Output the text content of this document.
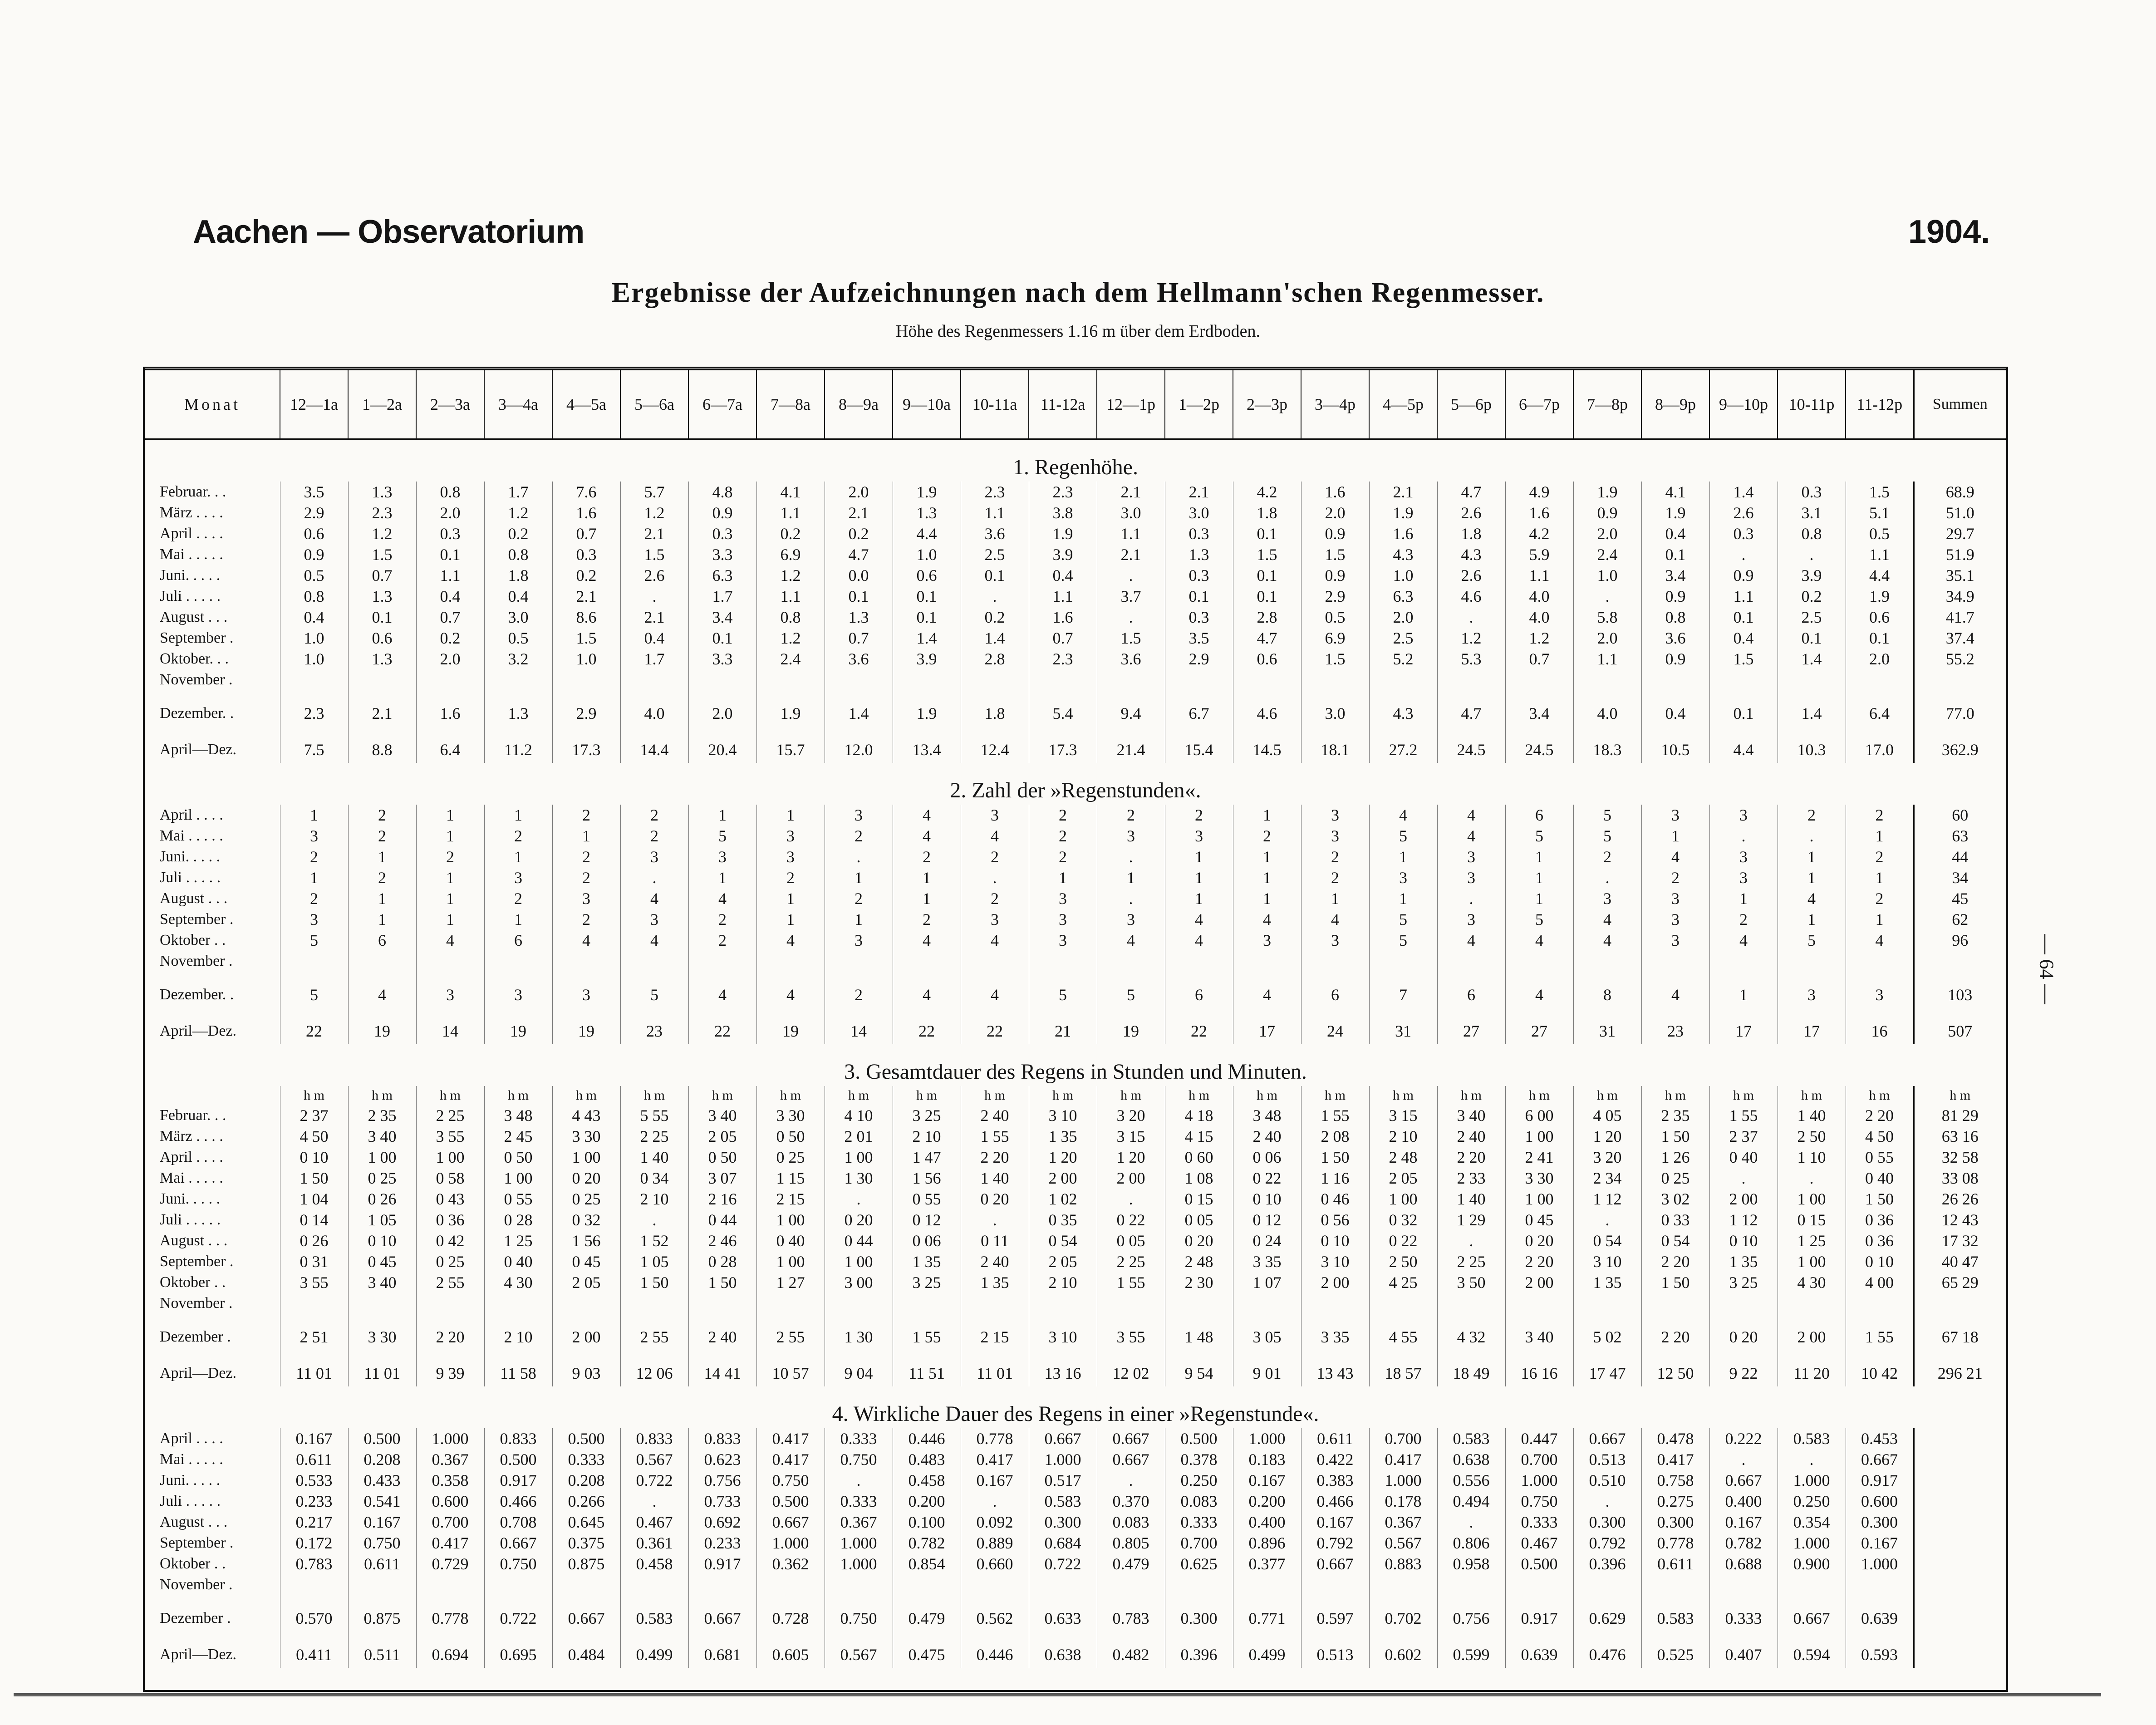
Aachen — Observatorium	1904.
Ergebnisse der Aufzeichnungen nach dem Hellmann'schen Regenmesser.
Höhe des Regenmessers 1.16 m über dem Erdboden.
Monat	12—1a	1—2a	2—3a	3—4a	4—5a	5—6a	6—7a	7—8a	8—9a	9—10a	10-11a	11-12a	12—1p	1—2p	2—3p	3—4p	4—5p	5—6p	6—7p	7—8p	8—9p	9—10p	10-11p	11-12p	Summen
1. Regenhöhe.																									
Februar. . .	3.5	1.3	0.8	1.7	7.6	5.7	4.8	4.1	2.0	1.9	2.3	2.3	2.1	2.1	4.2	1.6	2.1	4.7	4.9	1.9	4.1	1.4	0.3	1.5	68.9
März . . . .	2.9	2.3	2.0	1.2	1.6	1.2	0.9	1.1	2.1	1.3	1.1	3.8	3.0	3.0	1.8	2.0	1.9	2.6	1.6	0.9	1.9	2.6	3.1	5.1	51.0
April . . . .	0.6	1.2	0.3	0.2	0.7	2.1	0.3	0.2	0.2	4.4	3.6	1.9	1.1	0.3	0.1	0.9	1.6	1.8	4.2	2.0	0.4	0.3	0.8	0.5	29.7
Mai . . . . .	0.9	1.5	0.1	0.8	0.3	1.5	3.3	6.9	4.7	1.0	2.5	3.9	2.1	1.3	1.5	1.5	4.3	4.3	5.9	2.4	0.1	.	.	1.1	51.9
Juni. . . . .	0.5	0.7	1.1	1.8	0.2	2.6	6.3	1.2	0.0	0.6	0.1	0.4	.	0.3	0.1	0.9	1.0	2.6	1.1	1.0	3.4	0.9	3.9	4.4	35.1
Juli . . . . .	0.8	1.3	0.4	0.4	2.1	.	1.7	1.1	0.1	0.1	.	1.1	3.7	0.1	0.1	2.9	6.3	4.6	4.0	.	0.9	1.1	0.2	1.9	34.9
August . . .	0.4	0.1	0.7	3.0	8.6	2.1	3.4	0.8	1.3	0.1	0.2	1.6	.	0.3	2.8	0.5	2.0	.	4.0	5.8	0.8	0.1	2.5	0.6	41.7
September .	1.0	0.6	0.2	0.5	1.5	0.4	0.1	1.2	0.7	1.4	1.4	0.7	1.5	3.5	4.7	6.9	2.5	1.2	1.2	2.0	3.6	0.4	0.1	0.1	37.4
Oktober. . .	1.0	1.3	2.0	3.2	1.0	1.7	3.3	2.4	3.6	3.9	2.8	2.3	3.6	2.9	0.6	1.5	5.2	5.3	0.7	1.1	0.9	1.5	1.4	2.0	55.2
November .																									

Dezember. .	2.3	2.1	1.6	1.3	2.9	4.0	2.0	1.9	1.4	1.9	1.8	5.4	9.4	6.7	4.6	3.0	4.3	4.7	3.4	4.0	0.4	0.1	1.4	6.4	77.0

April—Dez.	7.5	8.8	6.4	11.2	17.3	14.4	20.4	15.7	12.0	13.4	12.4	17.3	21.4	15.4	14.5	18.1	27.2	24.5	24.5	18.3	10.5	4.4	10.3	17.0	362.9
2. Zahl der »Regenstunden«.																									
April . . . .	1	2	1	1	2	2	1	1	3	4	3	2	2	2	1	3	4	4	6	5	3	3	2	2	60
Mai . . . . .	3	2	1	2	1	2	5	3	2	4	4	2	3	3	2	3	5	4	5	5	1	.	.	1	63
Juni. . . . .	2	1	2	1	2	3	3	3	.	2	2	2	.	1	1	2	1	3	1	2	4	3	1	2	44
Juli . . . . .	1	2	1	3	2	.	1	2	1	1	.	1	1	1	1	2	3	3	1	.	2	3	1	1	34
August . . .	2	1	1	2	3	4	4	1	2	1	2	3	.	1	1	1	1	.	1	3	3	1	4	2	45
September .	3	1	1	1	2	3	2	1	1	2	3	3	3	4	4	4	5	3	5	4	3	2	1	1	62
Oktober . .	5	6	4	6	4	4	2	4	3	4	4	3	4	4	3	3	5	4	4	4	3	4	5	4	96
November .																									

Dezember. .	5	4	3	3	3	5	4	4	2	4	4	5	5	6	4	6	7	6	4	8	4	1	3	3	103

April—Dez.	22	19	14	19	19	23	22	19	14	22	22	21	19	22	17	24	31	27	27	31	23	17	17	16	507
3. Gesamtdauer des Regens in Stunden und Minuten.																									
	h m	h m	h m	h m	h m	h m	h m	h m	h m	h m	h m	h m	h m	h m	h m	h m	h m	h m	h m	h m	h m	h m	h m	h m	h m
Februar. . .	2 37	2 35	2 25	3 48	4 43	5 55	3 40	3 30	4 10	3 25	2 40	3 10	3 20	4 18	3 48	1 55	3 15	3 40	6 00	4 05	2 35	1 55	1 40	2 20	81 29
März . . . .	4 50	3 40	3 55	2 45	3 30	2 25	2 05	0 50	2 01	2 10	1 55	1 35	3 15	4 15	2 40	2 08	2 10	2 40	1 00	1 20	1 50	2 37	2 50	4 50	63 16
April . . . .	0 10	1 00	1 00	0 50	1 00	1 40	0 50	0 25	1 00	1 47	2 20	1 20	1 20	0 60	0 06	1 50	2 48	2 20	2 41	3 20	1 26	0 40	1 10	0 55	32 58
Mai . . . . .	1 50	0 25	0 58	1 00	0 20	0 34	3 07	1 15	1 30	1 56	1 40	2 00	2 00	1 08	0 22	1 16	2 05	2 33	3 30	2 34	0 25	.	.	0 40	33 08
Juni. . . . .	1 04	0 26	0 43	0 55	0 25	2 10	2 16	2 15	.	0 55	0 20	1 02	.	0 15	0 10	0 46	1 00	1 40	1 00	1 12	3 02	2 00	1 00	1 50	26 26
Juli . . . . .	0 14	1 05	0 36	0 28	0 32	.	0 44	1 00	0 20	0 12	.	0 35	0 22	0 05	0 12	0 56	0 32	1 29	0 45	.	0 33	1 12	0 15	0 36	12 43
August . . .	0 26	0 10	0 42	1 25	1 56	1 52	2 46	0 40	0 44	0 06	0 11	0 54	0 05	0 20	0 24	0 10	0 22	.	0 20	0 54	0 54	0 10	1 25	0 36	17 32
September .	0 31	0 45	0 25	0 40	0 45	1 05	0 28	1 00	1 00	1 35	2 40	2 05	2 25	2 48	3 35	3 10	2 50	2 25	2 20	3 10	2 20	1 35	1 00	0 10	40 47
Oktober . .	3 55	3 40	2 55	4 30	2 05	1 50	1 50	1 27	3 00	3 25	1 35	2 10	1 55	2 30	1 07	2 00	4 25	3 50	2 00	1 35	1 50	3 25	4 30	4 00	65 29
November .																									

Dezember .	2 51	3 30	2 20	2 10	2 00	2 55	2 40	2 55	1 30	1 55	2 15	3 10	3 55	1 48	3 05	3 35	4 55	4 32	3 40	5 02	2 20	0 20	2 00	1 55	67 18

April—Dez.	11 01	11 01	9 39	11 58	9 03	12 06	14 41	10 57	9 04	11 51	11 01	13 16	12 02	9 54	9 01	13 43	18 57	18 49	16 16	17 47	12 50	9 22	11 20	10 42	296 21
4. Wirkliche Dauer des Regens in einer »Regenstunde«.																									
April . . . .	0.167	0.500	1.000	0.833	0.500	0.833	0.833	0.417	0.333	0.446	0.778	0.667	0.667	0.500	1.000	0.611	0.700	0.583	0.447	0.667	0.478	0.222	0.583	0.453	
Mai . . . . .	0.611	0.208	0.367	0.500	0.333	0.567	0.623	0.417	0.750	0.483	0.417	1.000	0.667	0.378	0.183	0.422	0.417	0.638	0.700	0.513	0.417	.	.	0.667	
Juni. . . . .	0.533	0.433	0.358	0.917	0.208	0.722	0.756	0.750	.	0.458	0.167	0.517	.	0.250	0.167	0.383	1.000	0.556	1.000	0.510	0.758	0.667	1.000	0.917	
Juli . . . . .	0.233	0.541	0.600	0.466	0.266	.	0.733	0.500	0.333	0.200	.	0.583	0.370	0.083	0.200	0.466	0.178	0.494	0.750	.	0.275	0.400	0.250	0.600	
August . . .	0.217	0.167	0.700	0.708	0.645	0.467	0.692	0.667	0.367	0.100	0.092	0.300	0.083	0.333	0.400	0.167	0.367	.	0.333	0.300	0.300	0.167	0.354	0.300	
September .	0.172	0.750	0.417	0.667	0.375	0.361	0.233	1.000	1.000	0.782	0.889	0.684	0.805	0.700	0.896	0.792	0.567	0.806	0.467	0.792	0.778	0.782	1.000	0.167	
Oktober . .	0.783	0.611	0.729	0.750	0.875	0.458	0.917	0.362	1.000	0.854	0.660	0.722	0.479	0.625	0.377	0.667	0.883	0.958	0.500	0.396	0.611	0.688	0.900	1.000	
November .																									

Dezember .	0.570	0.875	0.778	0.722	0.667	0.583	0.667	0.728	0.750	0.479	0.562	0.633	0.783	0.300	0.771	0.597	0.702	0.756	0.917	0.629	0.583	0.333	0.667	0.639	

April—Dez.	0.411	0.511	0.694	0.695	0.484	0.499	0.681	0.605	0.567	0.475	0.446	0.638	0.482	0.396	0.499	0.513	0.602	0.599	0.639	0.476	0.525	0.407	0.594	0.593	
— 64 —
